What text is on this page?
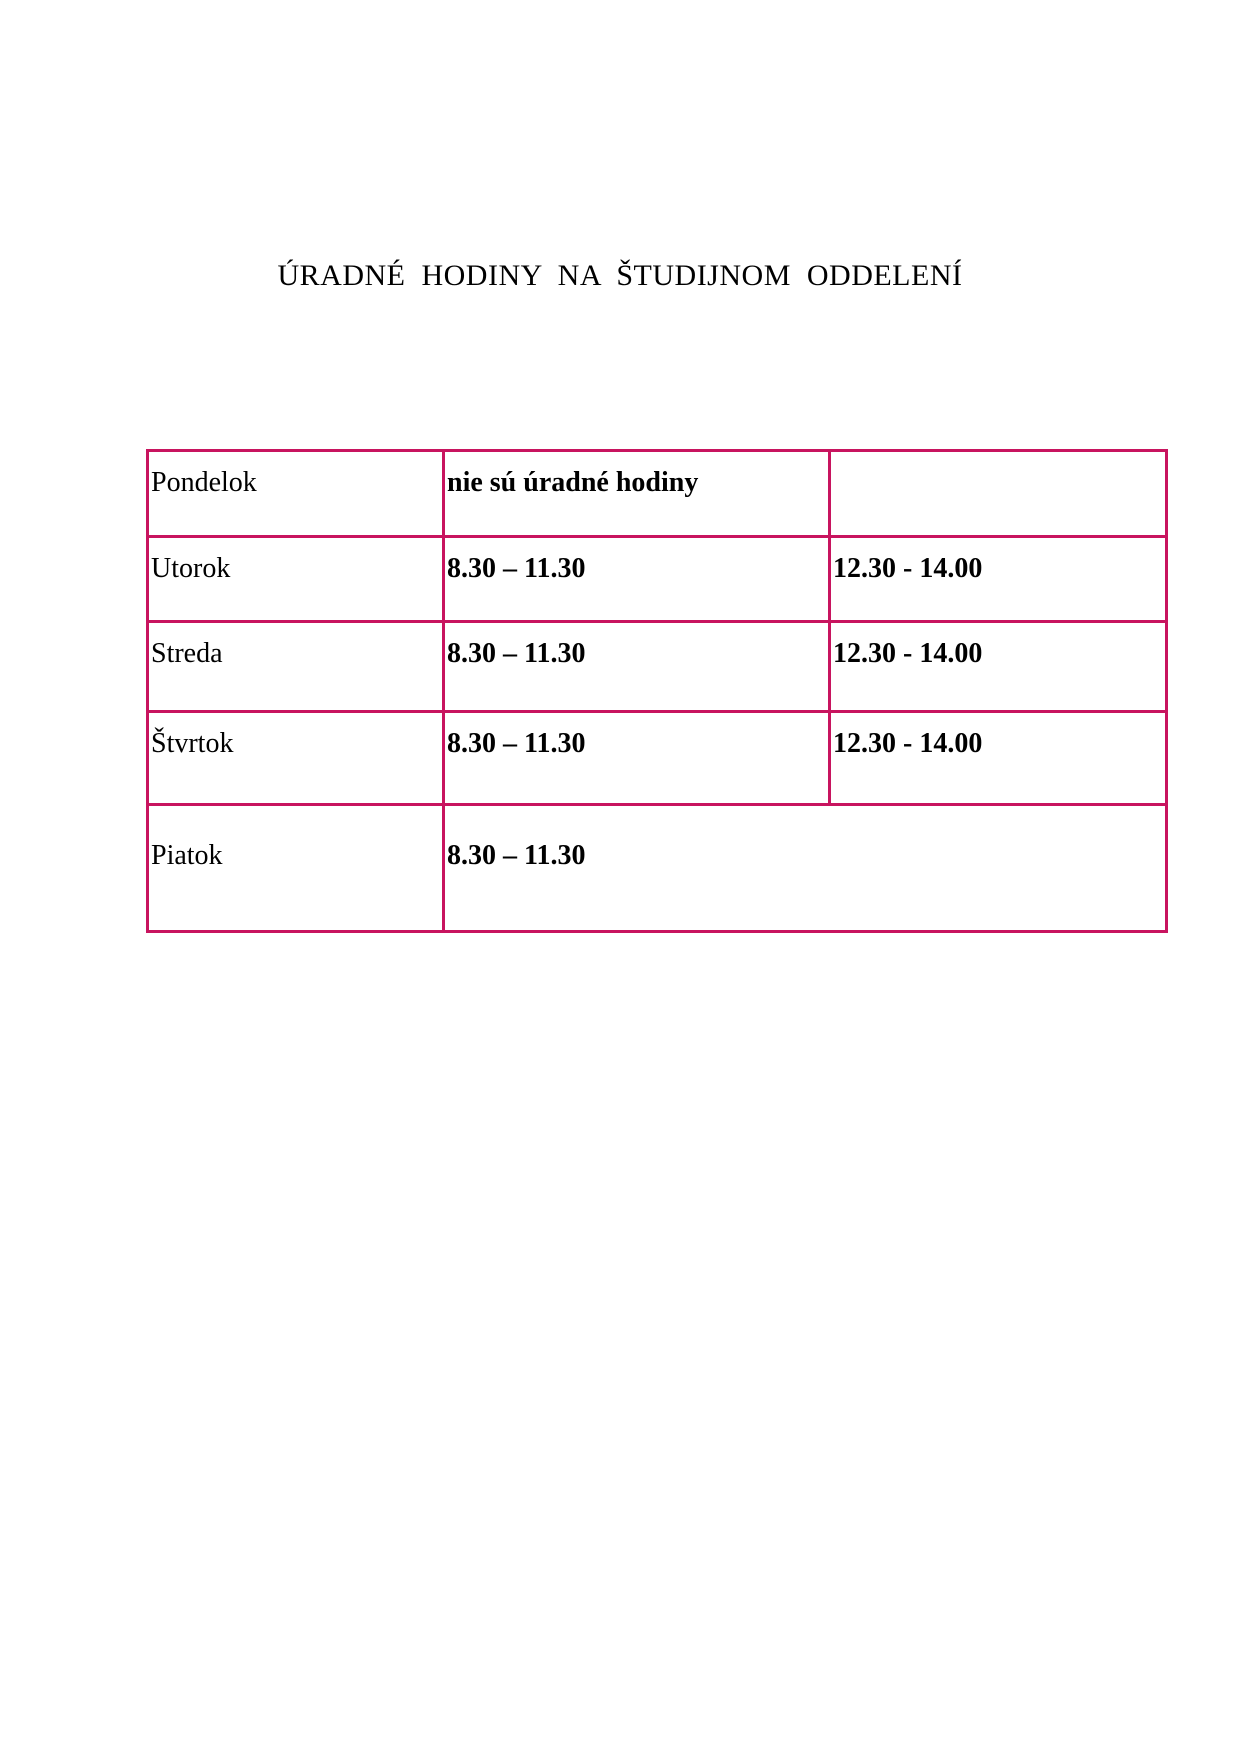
ÚRADNÉ HODINY NA ŠTUDIJNOM ODDELENÍ
Pondelok	nie sú úradné hodiny	
Utorok	8.30 – 11.30	12.30 - 14.00
Streda	8.30 – 11.30	12.30 - 14.00
Štvrtok	8.30 – 11.30	12.30 - 14.00
Piatok	8.30 – 11.30	
